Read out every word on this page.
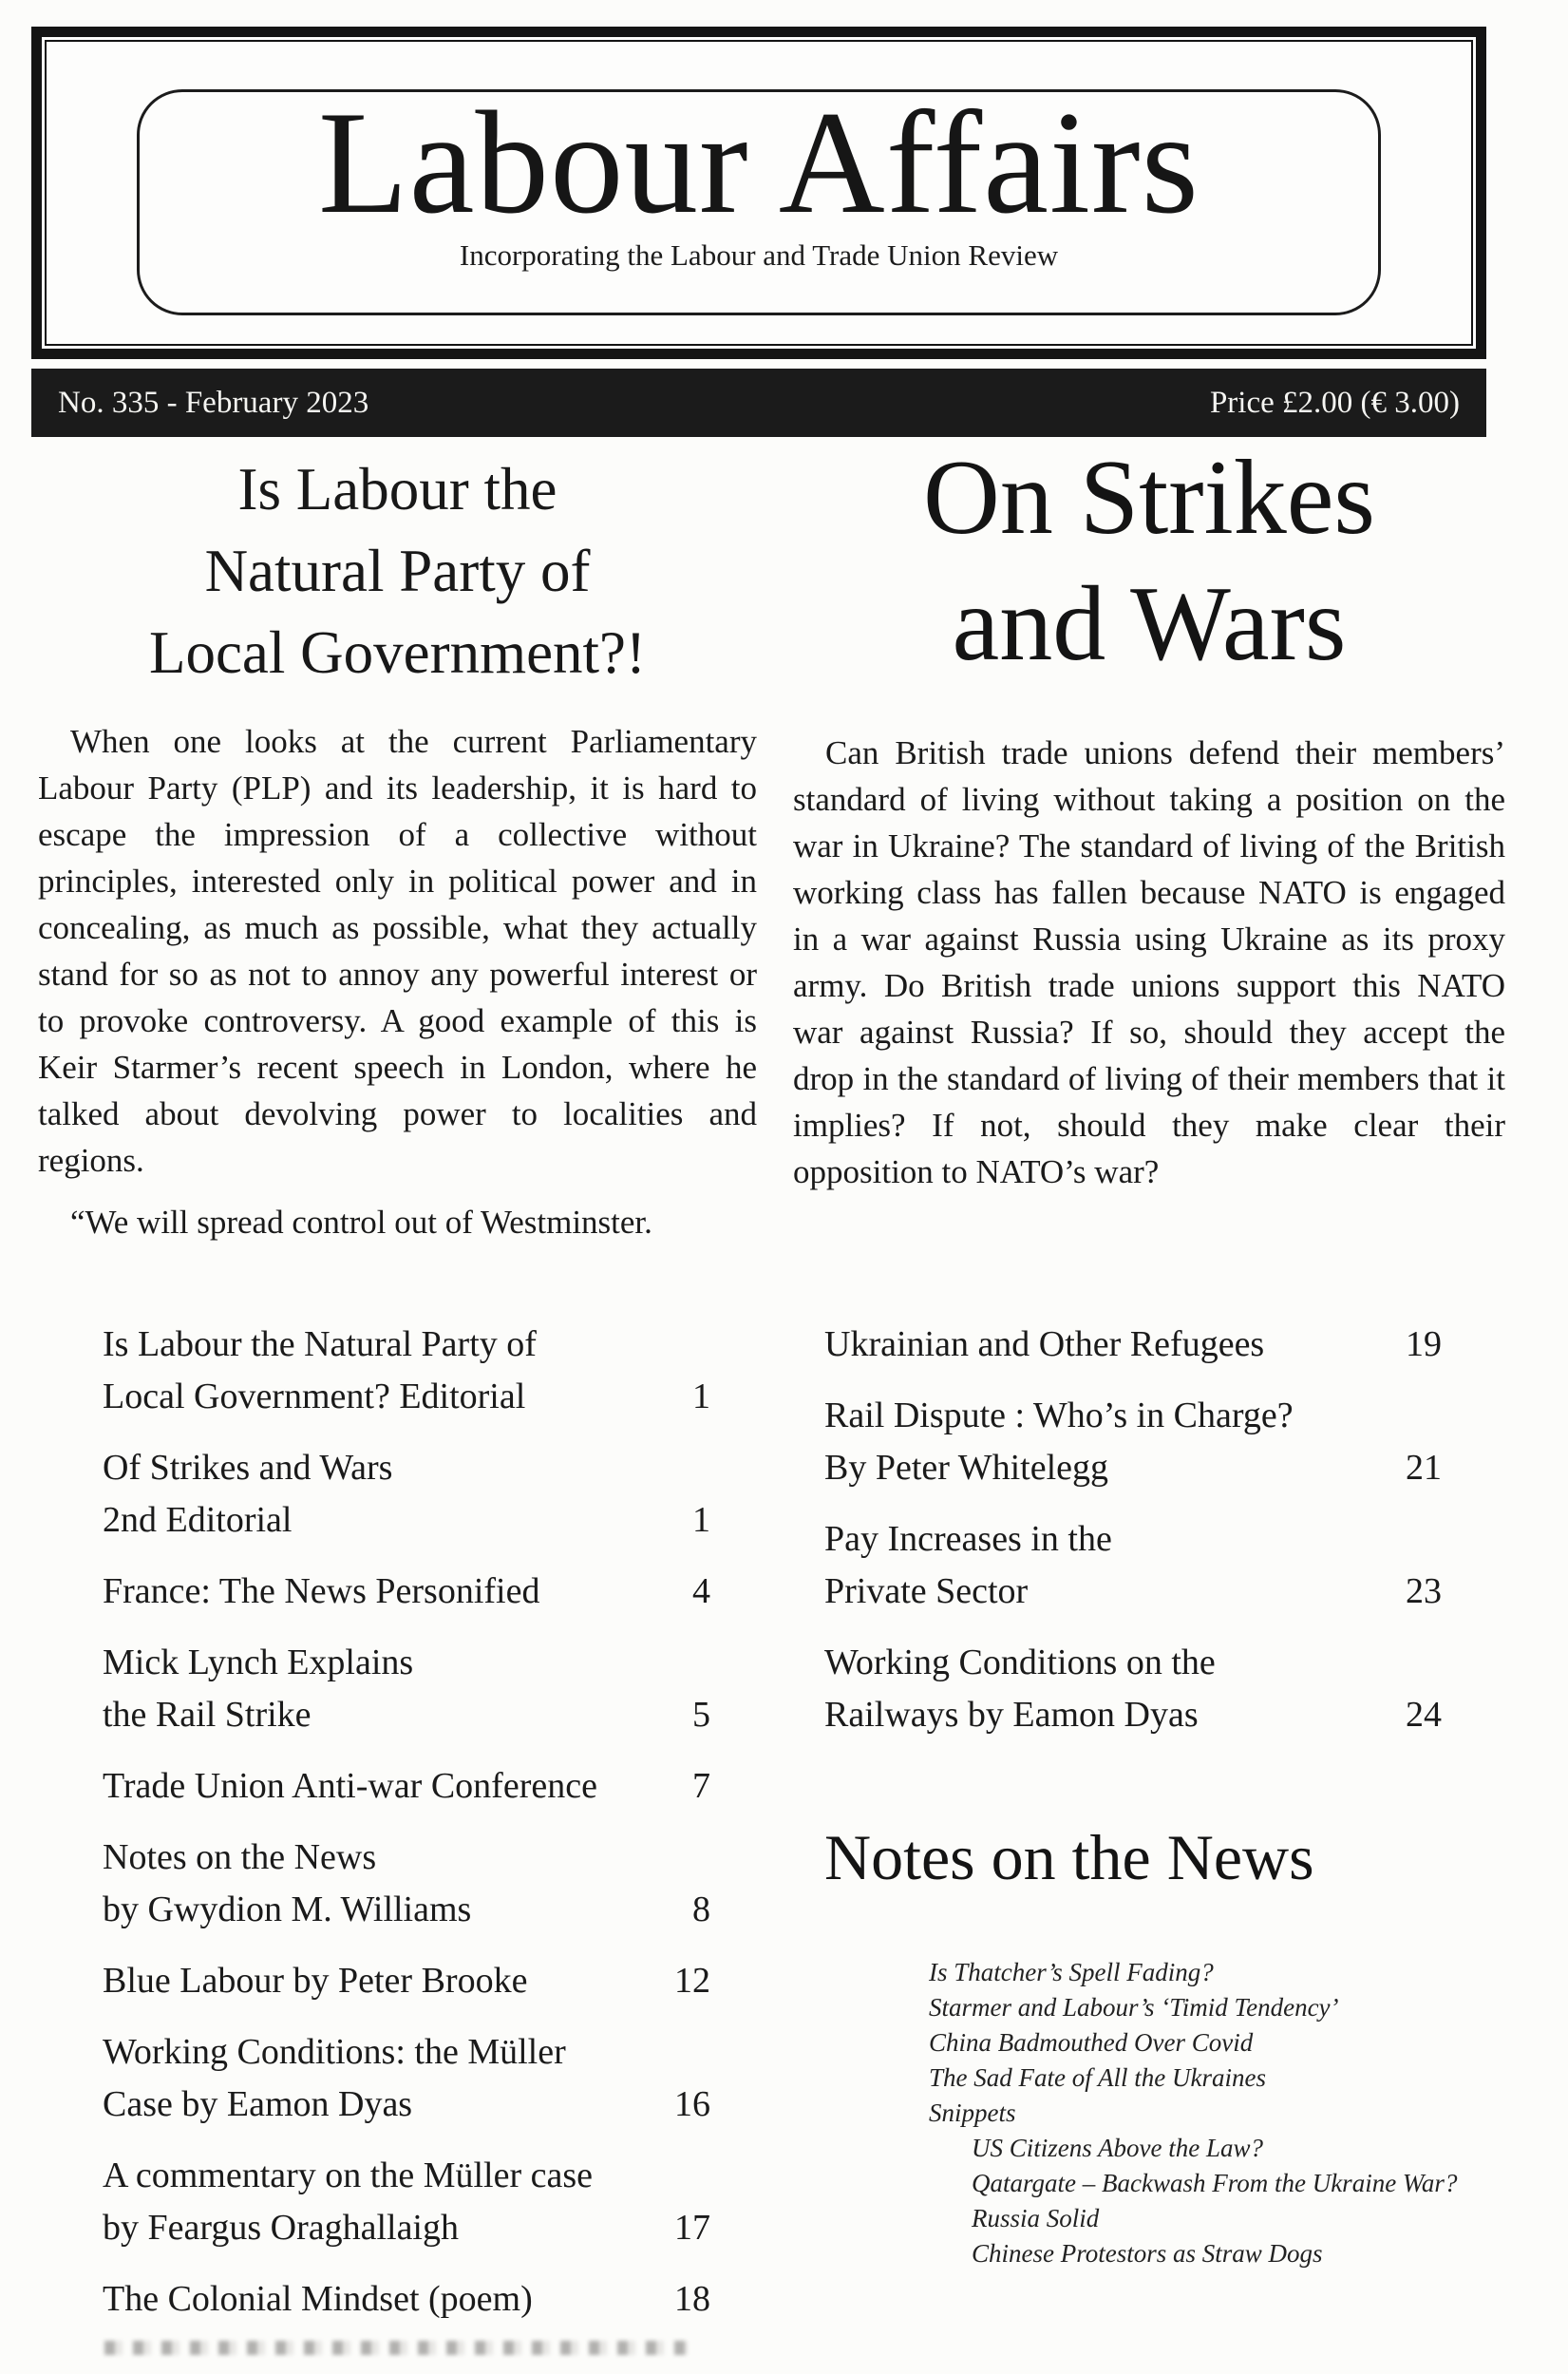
Labour Affairs
Incorporating the Labour and Trade Union Review
No. 335 - February 2023	Price £2.00 (€ 3.00)
Is Labour the
Natural Party of
Local Government?!

When one looks at the current Parliamentary Labour Party (PLP) and its leadership, it is hard to escape the impression of a collective without principles, interested only in political power and in concealing, as much as possible, what they actually stand for so as not to annoy any powerful interest or to provoke controversy. A good example of this is Keir Starmer’s recent speech in London, where he talked about devolving power to localities and regions.

“We will spread control out of Westminster.

On Strikes
and Wars

Can British trade unions defend their members’ standard of living without taking a position on the war in Ukraine? The standard of living of the British working class has fallen because NATO is engaged in a war against Russia using Ukraine as its proxy army. Do British trade unions support this NATO war against Russia? If so, should they accept the drop in the standard of living of their members that it implies? If not, should they make clear their opposition to NATO’s war?

Is Labour the Natural Party of
Local Government? Editorial	1
Of Strikes and Wars
2nd Editorial	1
France: The News Personified	4
Mick Lynch Explains
the Rail Strike	5
Trade Union Anti-war Conference	7
Notes on the News
by Gwydion M. Williams	8
Blue Labour by Peter Brooke	12
Working Conditions: the Müller
Case by Eamon Dyas	16
A commentary on the Müller case
by Feargus Oraghallaigh	17
The Colonial Mindset (poem)	18
Ukrainian and Other Refugees	19
Rail Dispute : Who’s in Charge?
By Peter Whitelegg	21
Pay Increases in the
Private Sector	23
Working Conditions on the
Railways by Eamon Dyas	24
Notes on the News
Is Thatcher’s Spell Fading?
Starmer and Labour’s ‘Timid Tendency’
China Badmouthed Over Covid
The Sad Fate of All the Ukraines
Snippets
US Citizens Above the Law?
Qatargate – Backwash From the Ukraine War?
Russia Solid
Chinese Protestors as Straw Dogs
